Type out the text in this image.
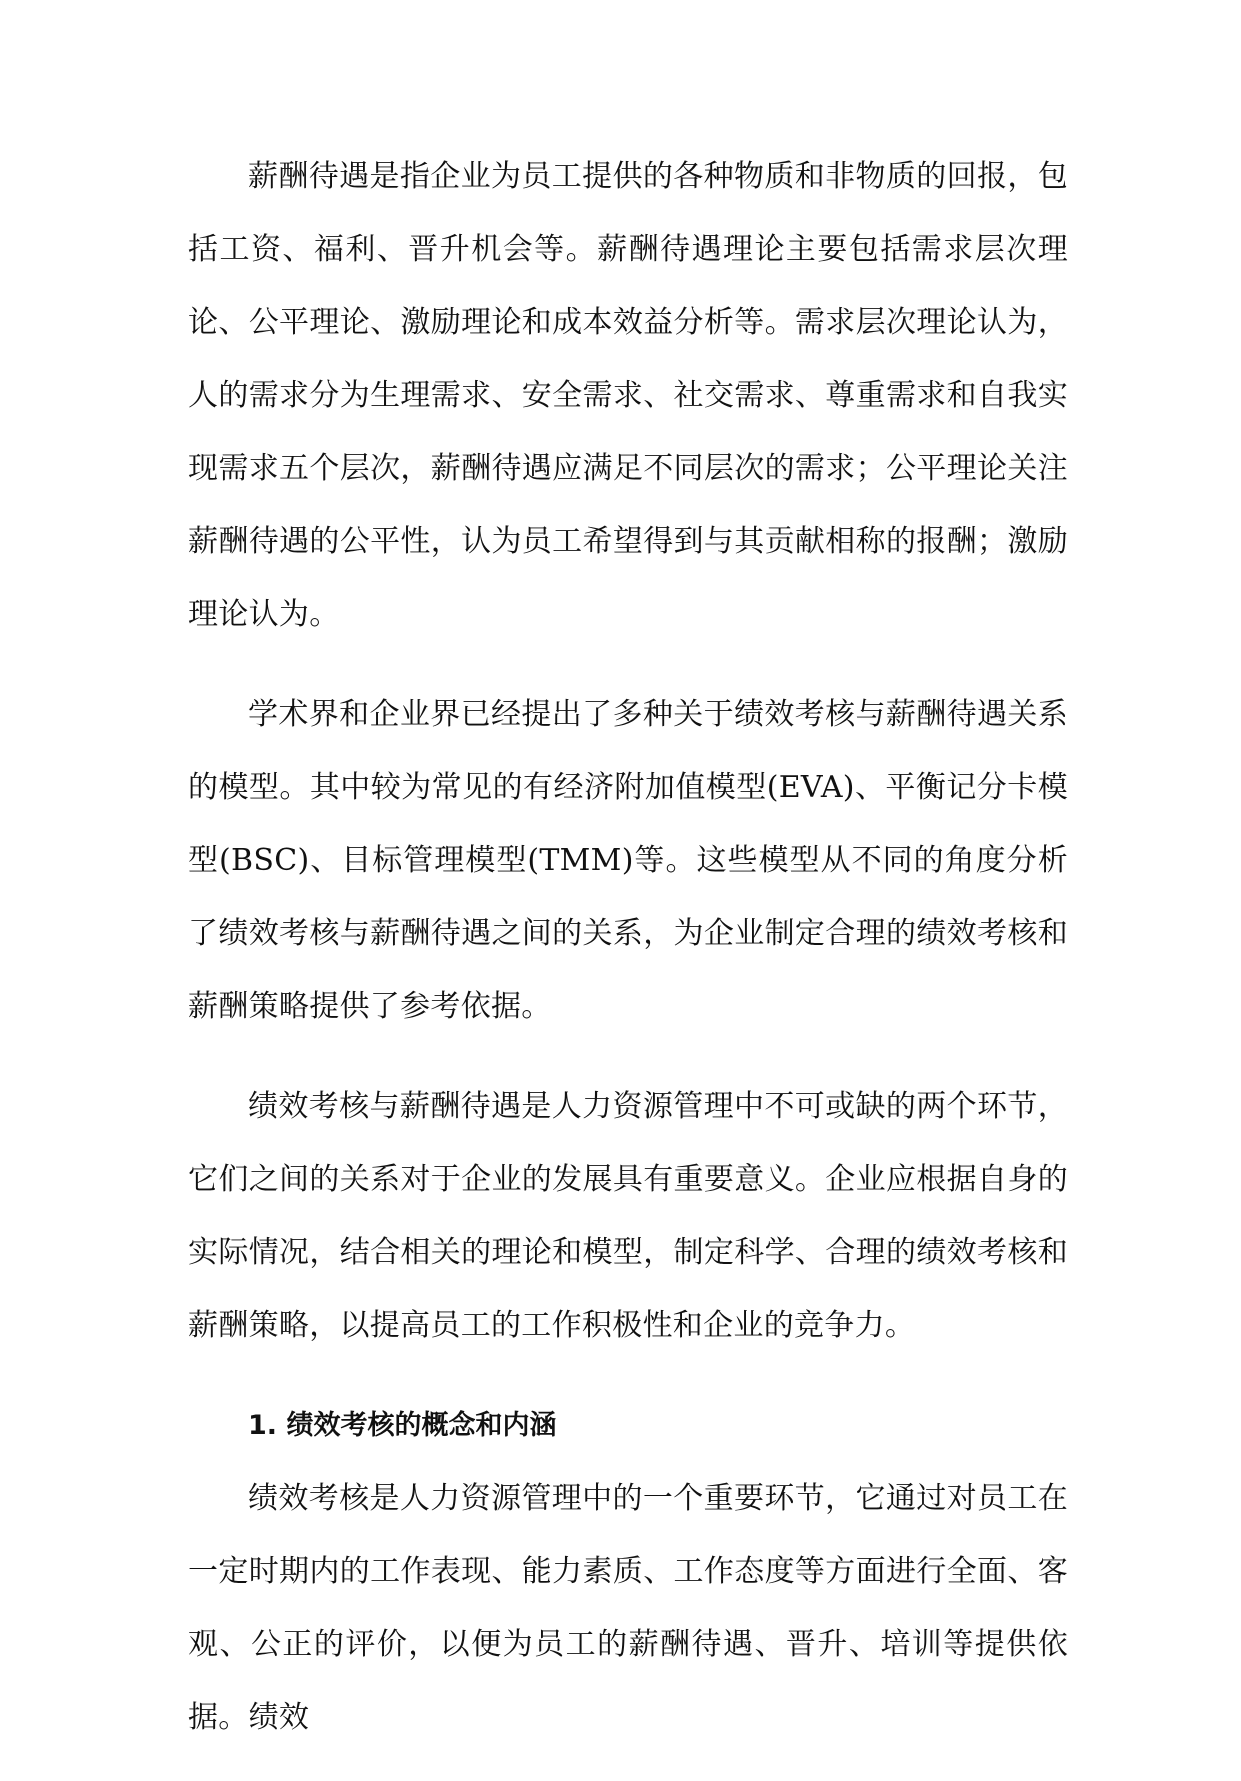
薪酬待遇是指企业为员工提供的各种物质和非物质的回报，包括工资、福利、晋升机会等。薪酬待遇理论主要包括需求层次理论、公平理论、激励理论和成本效益分析等。需求层次理论认为，人的需求分为生理需求、安全需求、社交需求、尊重需求和自我实现需求五个层次，薪酬待遇应满足不同层次的需求；公平理论关注薪酬待遇的公平性，认为员工希望得到与其贡献相称的报酬；激励理论认为。

学术界和企业界已经提出了多种关于绩效考核与薪酬待遇关系的模型。其中较为常见的有经济附加值模型(EVA)、平衡记分卡模型(BSC)、目标管理模型(TMM)等。这些模型从不同的角度分析了绩效考核与薪酬待遇之间的关系，为企业制定合理的绩效考核和薪酬策略提供了参考依据。

绩效考核与薪酬待遇是人力资源管理中不可或缺的两个环节，它们之间的关系对于企业的发展具有重要意义。企业应根据自身的实际情况，结合相关的理论和模型，制定科学、合理的绩效考核和薪酬策略，以提高员工的工作积极性和企业的竞争力。

1. 绩效考核的概念和内涵

绩效考核是人力资源管理中的一个重要环节，它通过对员工在一定时期内的工作表现、能力素质、工作态度等方面进行全面、客观、公正的评价，以便为员工的薪酬待遇、晋升、培训等提供依据。绩效
